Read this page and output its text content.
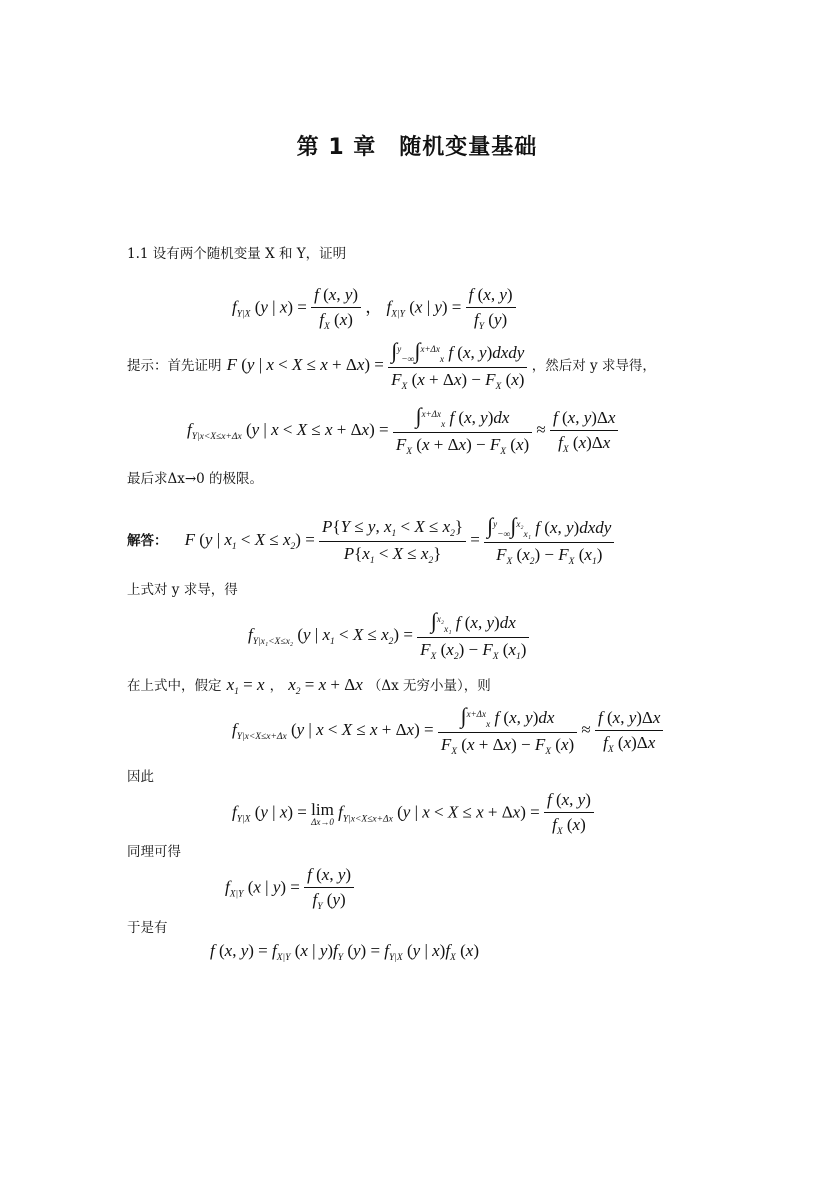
第 1 章　随机变量基础
1.1 设有两个随机变量 X 和 Y，证明
$f_{Y|X}$ (y | $x) = \frac{f (x, y)}{f_X (x)}$ ， $f_{X|Y}$ (x | $y) = \frac{f (x, y)}{f_Y (y)}$
提示：首先证明 F (y | $x < X \le x + \Delta x) = \frac{\int^y_{-\infty}\int^{x+\Delta x}_x f (x, y)dxdy}{F_X (x + \Delta x) - F_X (x)}$ ，然后对 y 求导得，
$f_{Y|x<X\le x+\Delta x}$ (y | $x < X \le x + \Delta x) = \frac{\int^{x+\Delta x}_x f (x, y)dx}{F_X (x + \Delta x) - F_X (x)} \approx \frac{f (x, y)\Delta x}{f_X (x)\Delta x}$
最后求Δx→0 的极限。
解答： F (y | $x_1 < X \le x_2) = \frac{P\{Y \le y, x_1 < X \le x_2\}}{P\{x_1 < X \le x_2\}} = \frac{\int^y_{-\infty}\int^{x_2}_{x_1} f (x, y)dxdy}{F_X (x_2) - F_X (x_1)}$
上式对 y 求导，得
$f_{Y|x_1<X\le x_2}$ (y | $x_1 < X \le x_2) = \frac{\int^{x_2}_{x_1} f (x, y)dx}{F_X (x_2) - F_X (x_1)}$
在上式中，假定 $x_1 = x$ ， $x_2 = x + \Delta x$ （Δx 无穷小量），则
$f_{Y|x<X\le x+\Delta x}$ (y | $x < X \le x + \Delta x) = \frac{\int^{x+\Delta x}_x f (x, y)dx}{F_X (x + \Delta x) - F_X (x)} \approx \frac{f (x, y)\Delta x}{f_X (x)\Delta x}$
因此
$f_{Y|X}$ (y | x) = lim
Δx→0
$f_{Y|x<X\le x+\Delta x}$ (y | $x < X \le x + \Delta x) = \frac{f (x, y)}{f_X (x)}$
同理可得
$f_{X|Y}$ (x | $y) = \frac{f (x, y)}{f_Y (y)}$
于是有
f (x, $y) = f_{X|Y}$ (x | $y)f_Y$ $(y) = f_{Y|X}$ (y | $x)f_X$ (x)
